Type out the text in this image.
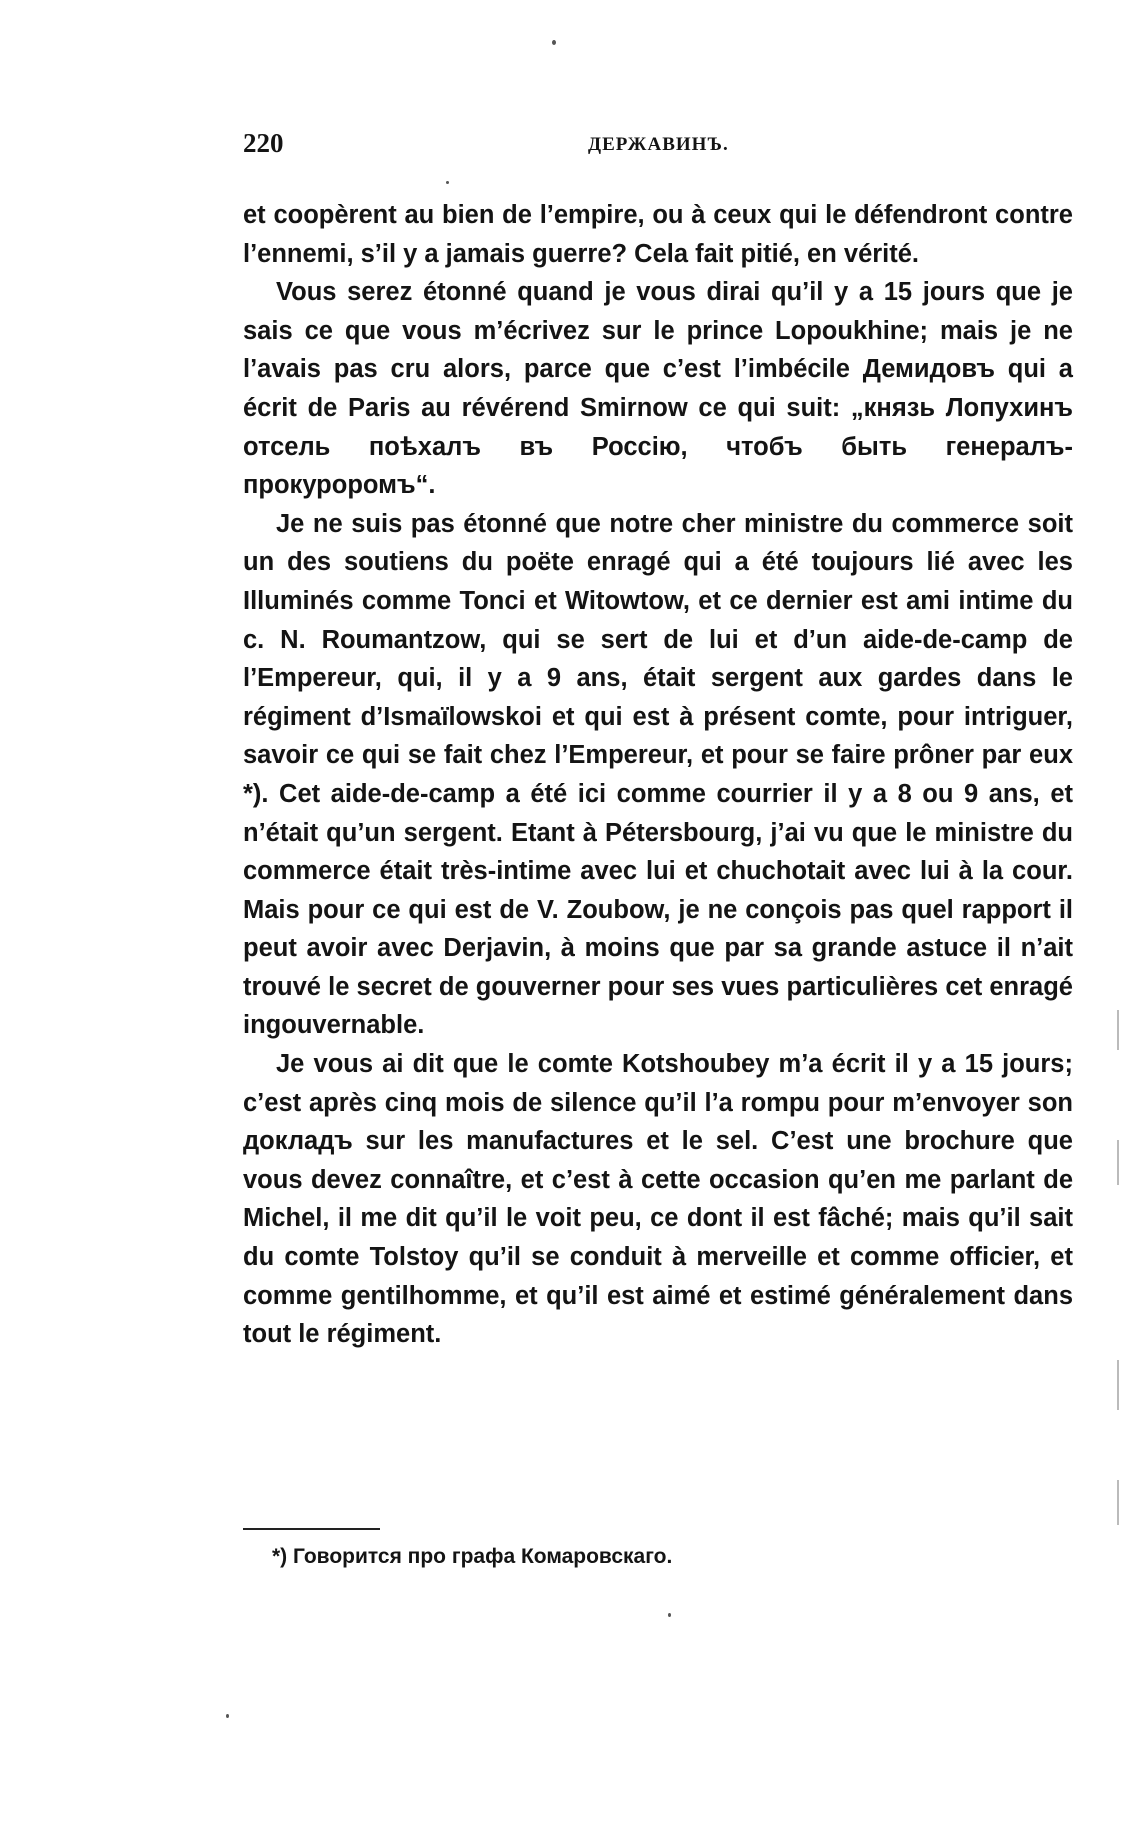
220	ДЕРЖАВИНЪ.

et coopèrent au bien de l’empire, ou à ceux qui le défendront contre l’ennemi, s’il y a jamais guerre? Cela fait pitié, en vérité.

Vous serez étonné quand je vous dirai qu’il y a 15 jours que je sais ce que vous m’écrivez sur le prince Lopoukhine; mais je ne l’avais pas cru alors, parce que c’est l’imbécile Демидовъ qui a écrit de Paris au révérend Smirnow ce qui suit: „князь Лопухинъ отсель поѣхалъ въ Россію, чтобъ быть генералъ-прокуроромъ“.

Je ne suis pas étonné que notre cher ministre du commerce soit un des soutiens du poëte enragé qui a été toujours lié avec les Illuminés comme Tonci et Witowtow, et ce dernier est ami intime du c. N. Roumantzow, qui se sert de lui et d’un aide-de-camp de l’Empereur, qui, il y a 9 ans, était sergent aux gardes dans le régiment d’Ismaïlowskoi et qui est à présent comte, pour intriguer, savoir ce qui se fait chez l’Empereur, et pour se faire prôner par eux *). Cet aide-de-camp a été ici comme courrier il y a 8 ou 9 ans, et n’était qu’un sergent. Etant à Pétersbourg, j’ai vu que le ministre du commerce était très-intime avec lui et chuchotait avec lui à la cour. Mais pour ce qui est de V. Zoubow, je ne conçois pas quel rapport il peut avoir avec Derjavin, à moins que par sa grande astuce il n’ait trouvé le secret de gouverner pour ses vues particulières cet enragé ingouvernable.

Je vous ai dit que le comte Kotshoubey m’a écrit il y a 15 jours; c’est après cinq mois de silence qu’il l’a rompu pour m’envoyer son докладъ sur les manufactures et le sel. C’est une brochure que vous devez connaître, et c’est à cette occasion qu’en me parlant de Michel, il me dit qu’il le voit peu, ce dont il est fâché; mais qu’il sait du comte Tolstoy qu’il se conduit à merveille et comme officier, et comme gentilhomme, et qu’il est aimé et estimé généralement dans tout le régiment.

*) Говорится про графа Комаровскаго.
